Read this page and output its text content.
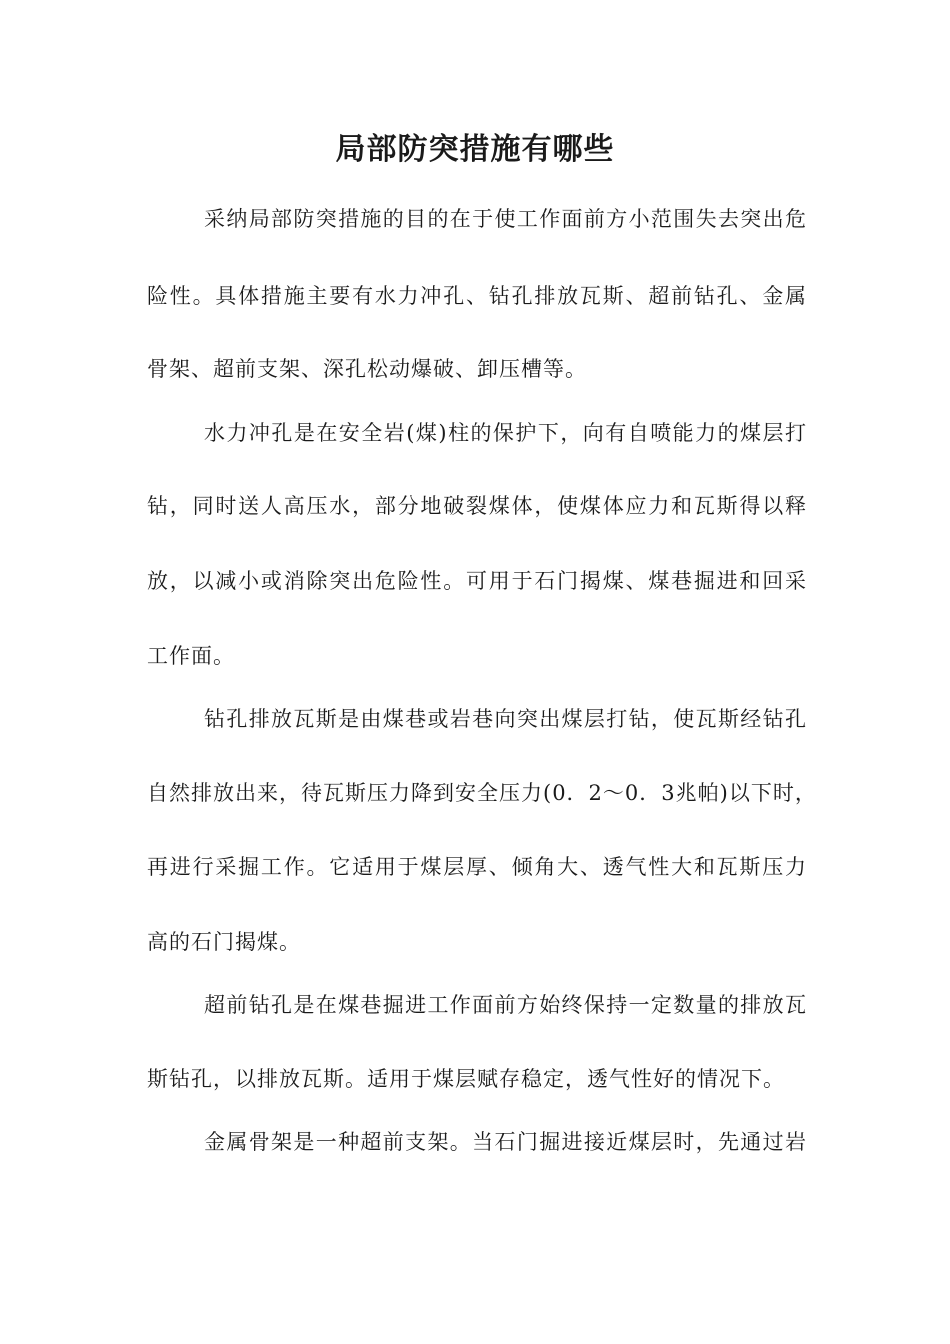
局部防突措施有哪些

采纳局部防突措施的目的在于使工作面前方小范围失去突出危

险性。具体措施主要有水力冲孔、钻孔排放瓦斯、超前钻孔、金属

骨架、超前支架、深孔松动爆破、卸压槽等。

水力冲孔是在安全岩(煤)柱的保护下，向有自喷能力的煤层打

钻，同时送人高压水，部分地破裂煤体，使煤体应力和瓦斯得以释

放，以减小或消除突出危险性。可用于石门揭煤、煤巷掘进和回采

工作面。

钻孔排放瓦斯是由煤巷或岩巷向突出煤层打钻，使瓦斯经钻孔

自然排放出来，待瓦斯压力降到安全压力(0．2～0．3兆帕)以下时，

再进行采掘工作。它适用于煤层厚、倾角大、透气性大和瓦斯压力

高的石门揭煤。

超前钻孔是在煤巷掘进工作面前方始终保持一定数量的排放瓦

斯钻孔，以排放瓦斯。适用于煤层赋存稳定，透气性好的情况下。

金属骨架是一种超前支架。当石门掘进接近煤层时，先通过岩
